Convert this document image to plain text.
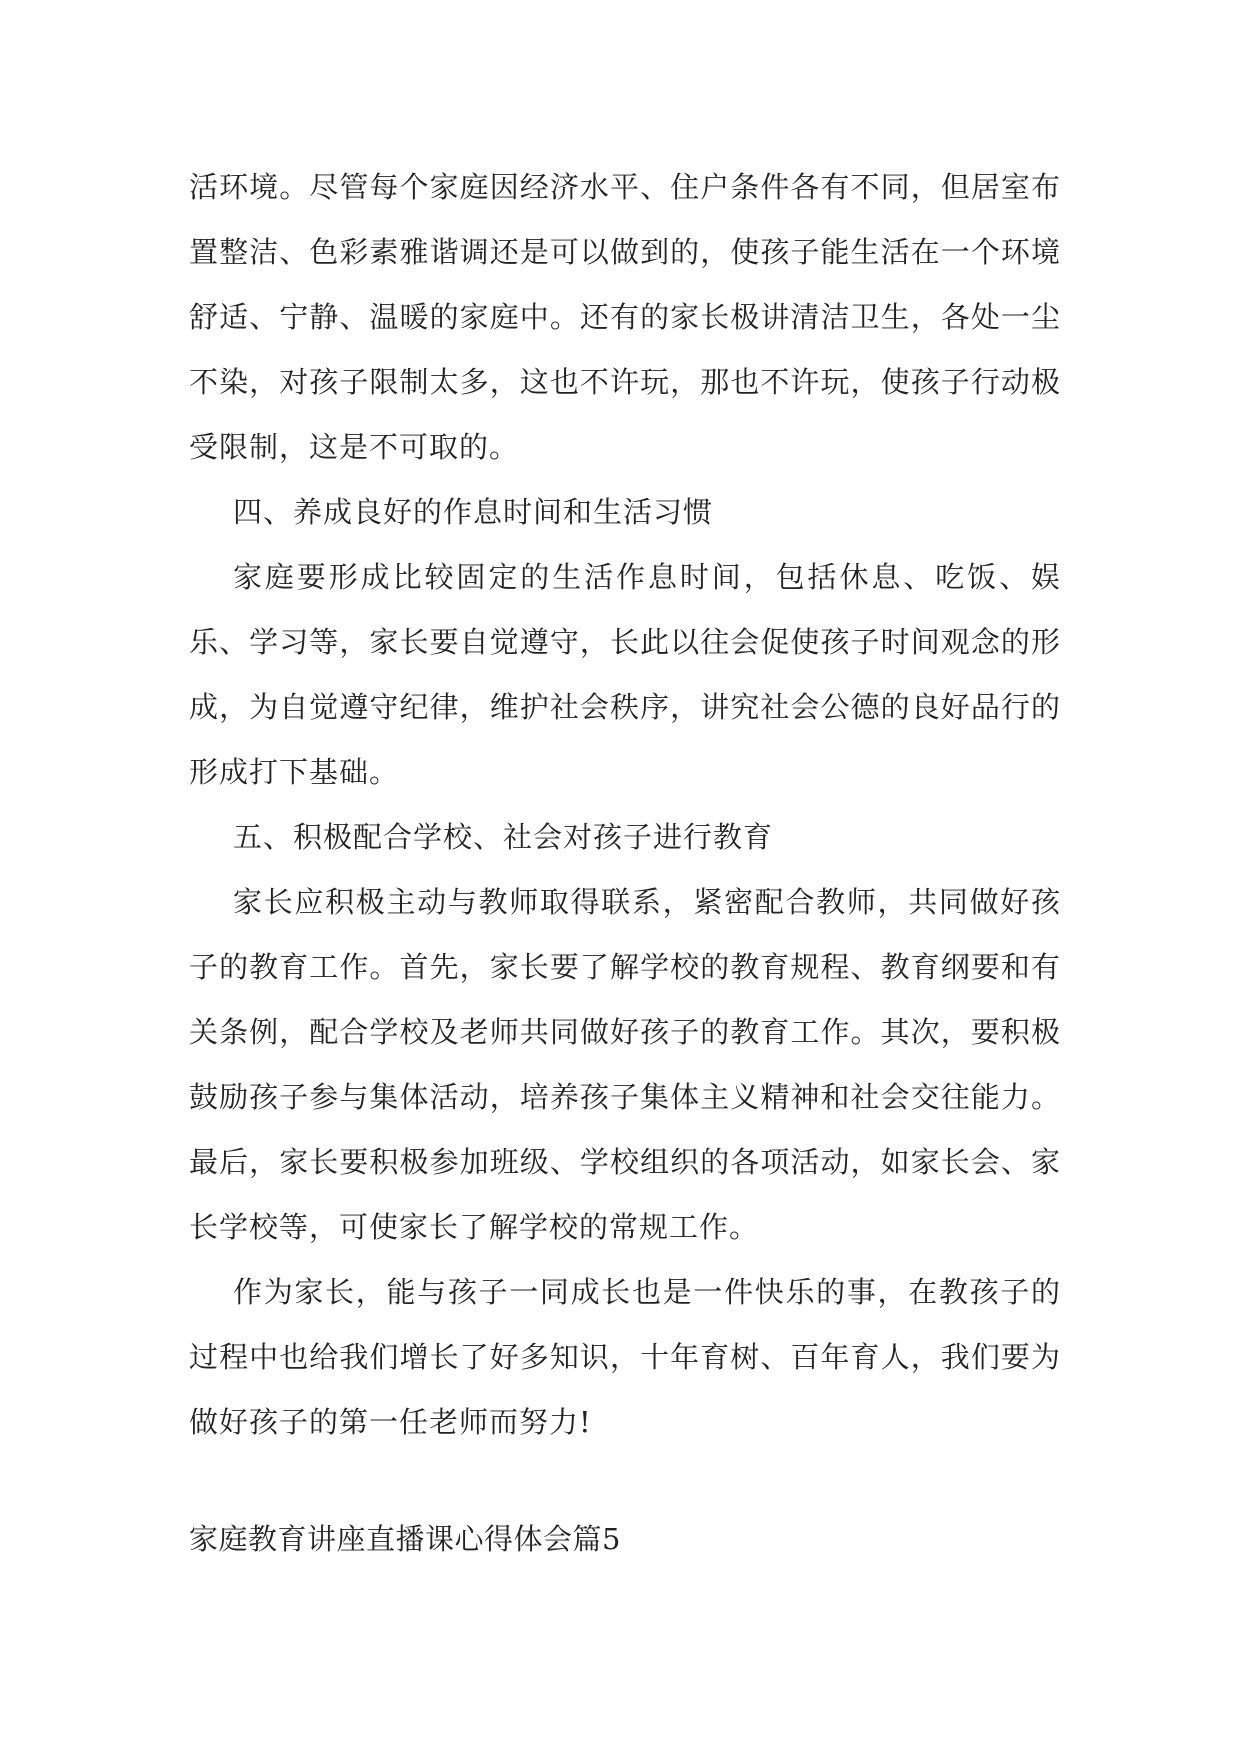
活环境。尽管每个家庭因经济水平、住户条件各有不同，但居室布置整洁、色彩素雅谐调还是可以做到的，使孩子能生活在一个环境舒适、宁静、温暖的家庭中。还有的家长极讲清洁卫生，各处一尘不染，对孩子限制太多，这也不许玩，那也不许玩，使孩子行动极受限制，这是不可取的。

四、养成良好的作息时间和生活习惯

家庭要形成比较固定的生活作息时间，包括休息、吃饭、娱乐、学习等，家长要自觉遵守，长此以往会促使孩子时间观念的形成，为自觉遵守纪律，维护社会秩序，讲究社会公德的良好品行的形成打下基础。

五、积极配合学校、社会对孩子进行教育

家长应积极主动与教师取得联系，紧密配合教师，共同做好孩子的教育工作。首先，家长要了解学校的教育规程、教育纲要和有关条例，配合学校及老师共同做好孩子的教育工作。其次，要积极鼓励孩子参与集体活动，培养孩子集体主义精神和社会交往能力。最后，家长要积极参加班级、学校组织的各项活动，如家长会、家长学校等，可使家长了解学校的常规工作。

作为家长，能与孩子一同成长也是一件快乐的事，在教孩子的过程中也给我们增长了好多知识，十年育树、百年育人，我们要为做好孩子的第一任老师而努力!

家庭教育讲座直播课心得体会篇5
